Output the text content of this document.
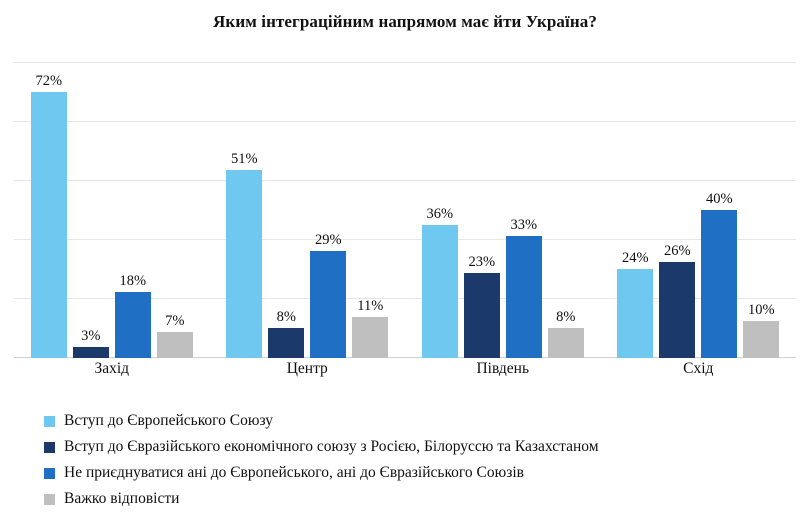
Яким інтеграційним напрямом має йти Україна?
72%
3%
18%
7%
51%
8%
29%
11%
36%
23%
33%
8%
24% 26%
40%
10%
Захід	Центр	Південь	Схід
Вступ до Європейського Союзу
Вступ до Євразійського економічного союзу з Росією, Білоруссю та Казахстаном
Не приєднуватися ані до Європейського, ані до Євразійського Союзів
Важко відповісти
